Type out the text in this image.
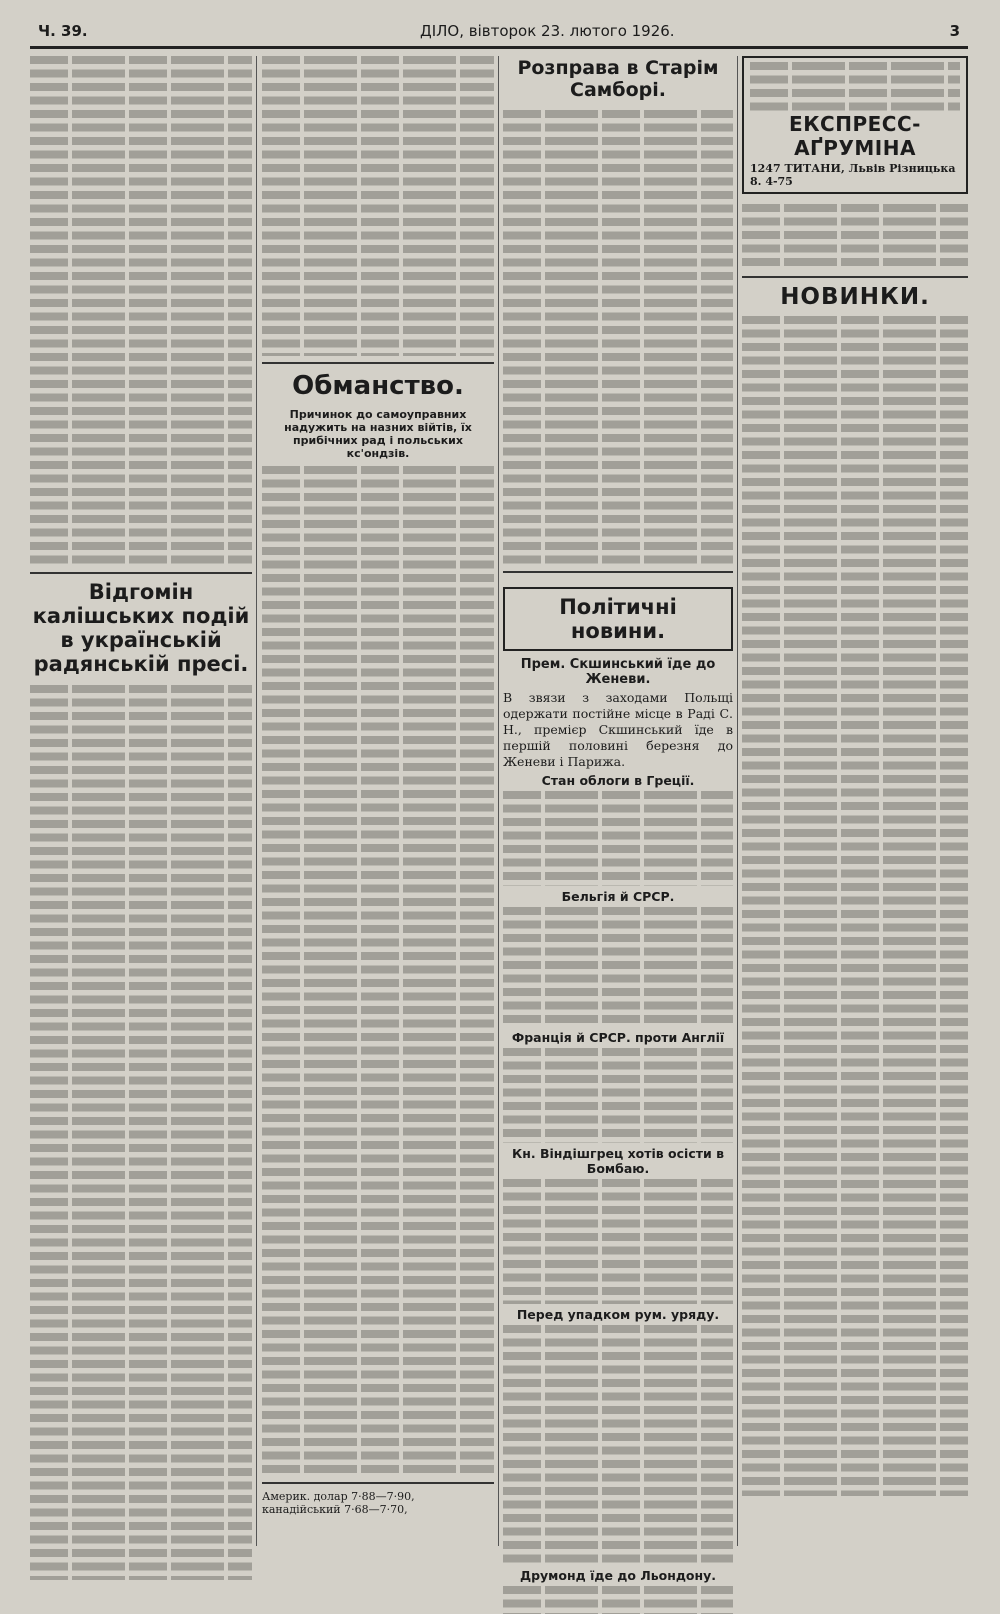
Ч. 39.	ДІЛО, вівторок 23. лютого 1926.	3
Відгомін калішських подій в українській радянській пресі.
Обманство.
Причинок до самоуправних надужить на назних війтів, їх прибічних рад і польських кс'ондзів.
Америк. долар 7·88—7·90, канадійський 7·68—7·70,
Розправа в Старім Самборі.
Політичні новини.
Прем. Скшинський їде до Женеви.
В звязи з заходами Польщі одержати постійне місце в Раді С. Н., премієр Скшинський їде в першій половині березня до Женеви і Парижа.
Стан облоги в Греції.
Бельгія й СРСР.
Франція й СРСР. проти Англії
Кн. Віндішгрец хотів осісти в Бомбаю.
Перед упадком рум. уряду.
Друмонд їде до Льондону.
ЕКСПРЕСС-АҐРУМІНА
1247 ТИТАНИ, Львів Різницька 8. 4-75
НОВИНКИ.
